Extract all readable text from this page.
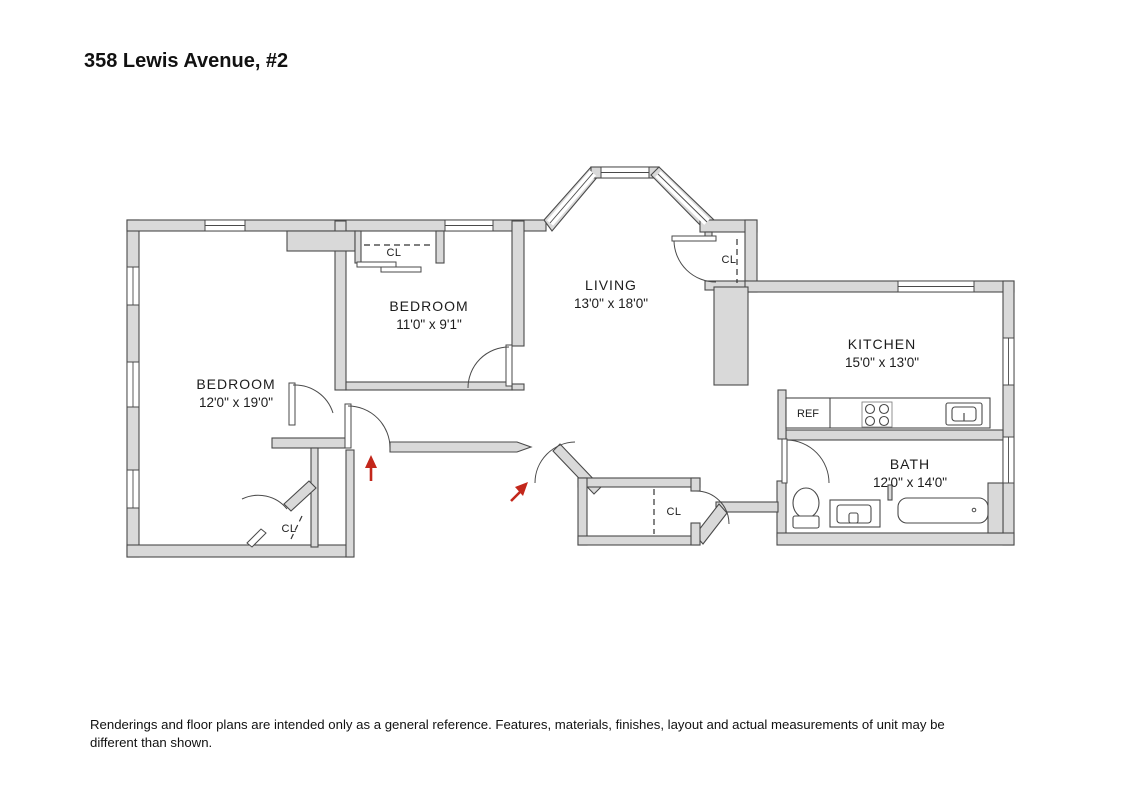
358 Lewis Avenue, #2
BEDROOM
12'0" x 19'0"
BEDROOM
11'0" x 9'1"
LIVING
13'0" x 18'0"
KITCHEN
15'0" x 13'0"
BATH
12'0" x 14'0"
CL
CL
CL
CL
REF
Renderings and floor plans are intended only as a general reference. Features, materials, finishes, layout and actual measurements of unit may be
different than shown.
